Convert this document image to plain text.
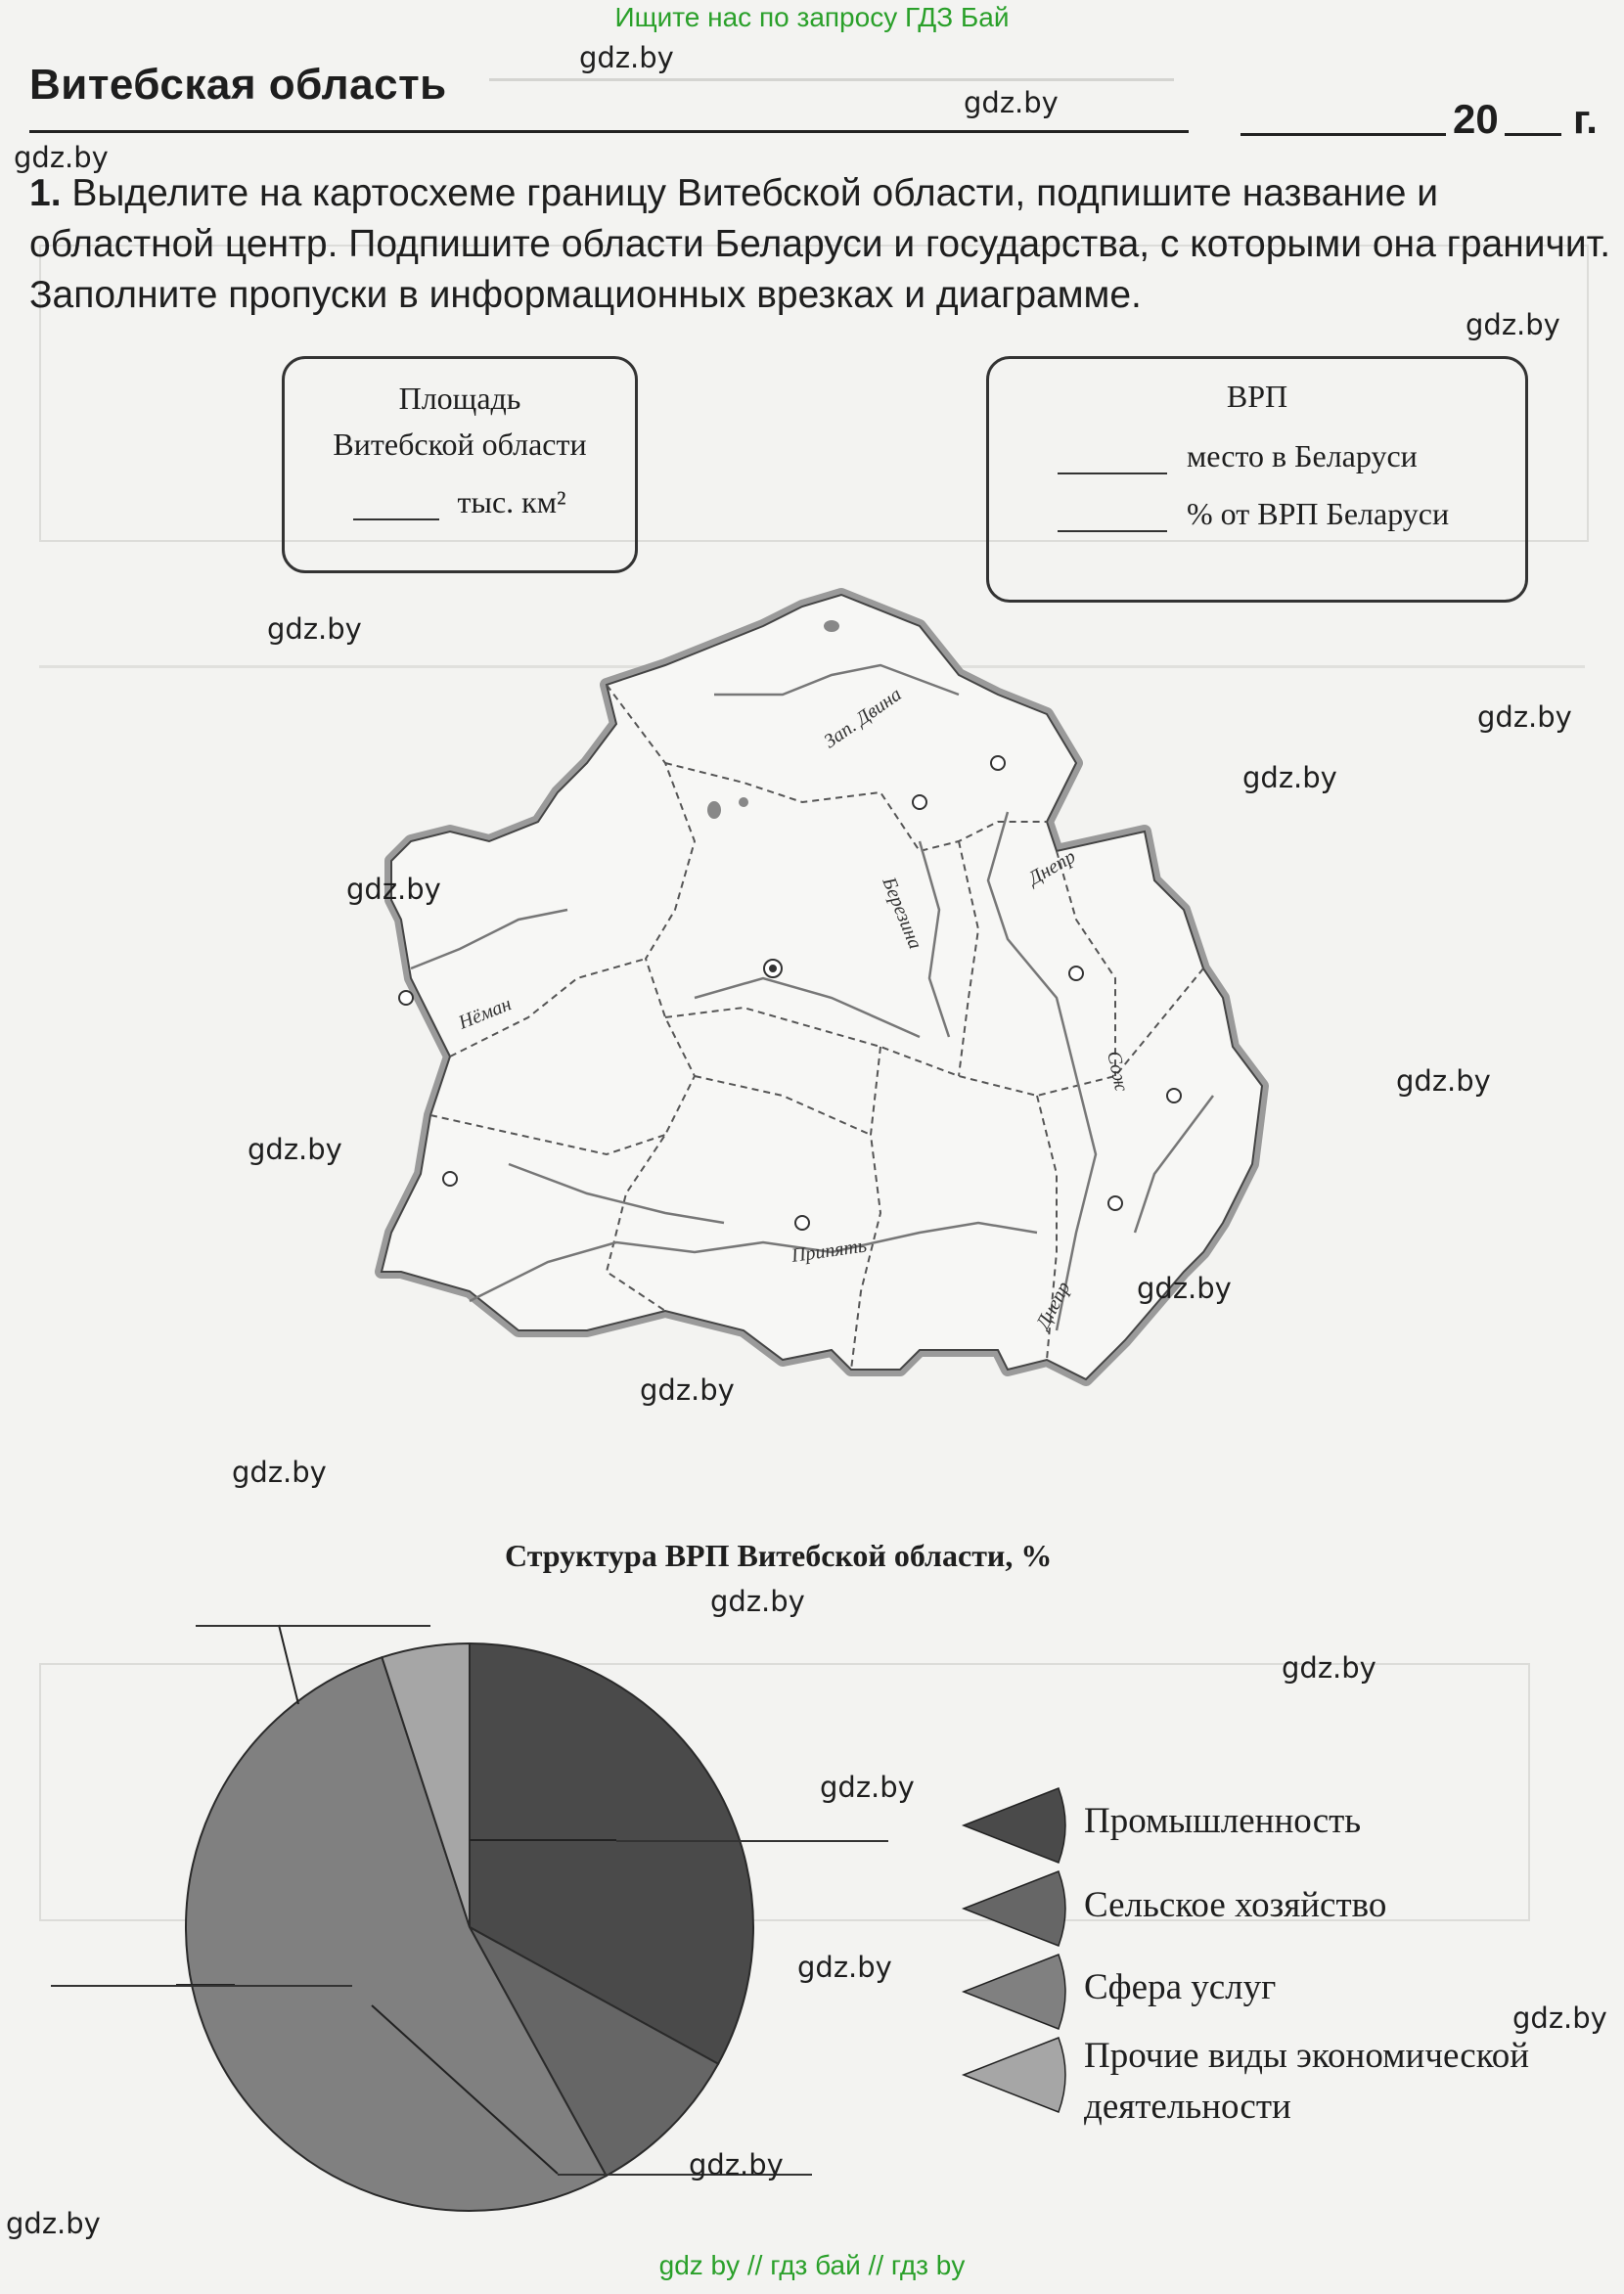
Ищите нас по запросу ГДЗ Бай
Витебская область
20 г.
1. Выделите на картосхеме границу Витебской области, подпишите название и областной центр. Подпишите области Беларуси и государства, с которыми она граничит. Заполните пропуски в информационных врезках и диаграмме.
Площадь
Витебской области
тыс. км²
ВРП
место в Беларуси
% от ВРП Беларуси
Зап. Двина
Днепр
Березина
Нёман
Сож
Припять
Днепр
Структура ВРП Витебской области, %
Промышленность
Сельское хозяйство
Сфера услуг
Прочие виды экономической
деятельности
gdz.by
gdz.by
gdz.by
gdz.by
gdz.by
gdz.by
gdz.by
gdz.by
gdz.by
gdz.by
gdz.by
gdz.by
gdz.by
gdz.by
gdz.by
gdz.by
gdz.by
gdz.by
gdz.by
gdz.by
gdz by // гдз бай // гдз by
